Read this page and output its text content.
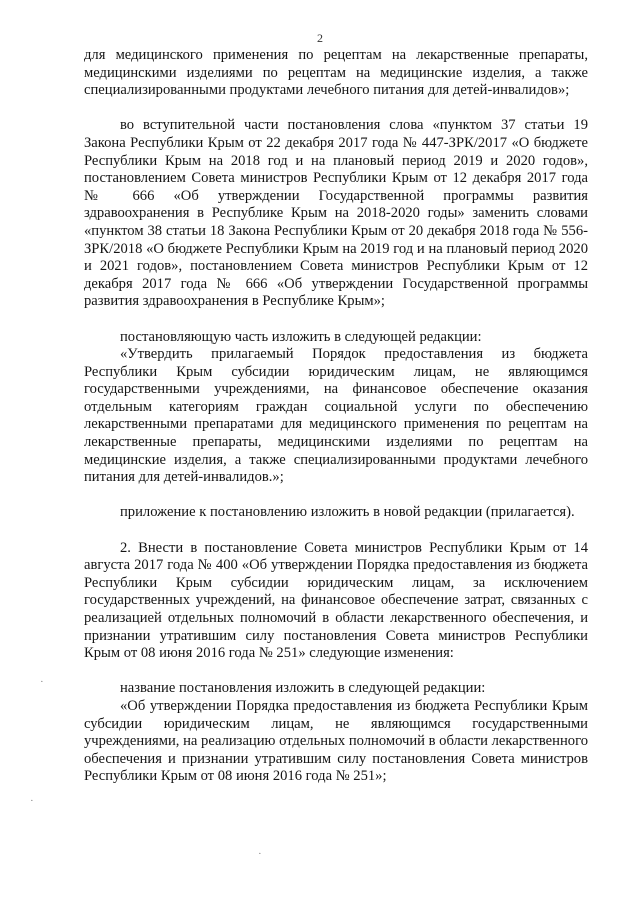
2

для медицинского применения по рецептам на лекарственные препараты, медицинскими изделиями по рецептам на медицинские изделия, а также специализированными продуктами лечебного питания для детей-инвалидов»;

во вступительной части постановления слова «пунктом 37 статьи 19 Закона Республики Крым от 22 декабря 2017 года № 447-ЗРК/2017 «О бюджете Республики Крым на 2018 год и на плановый период 2019 и 2020 годов», постановлением Совета министров Республики Крым от 12 декабря 2017 года № 666 «Об утверждении Государственной программы развития здравоохранения в Республике Крым на 2018-2020 годы» заменить словами «пунктом 38 статьи 18 Закона Республики Крым от 20 декабря 2018 года № 556-ЗРК/2018 «О бюджете Республики Крым на 2019 год и на плановый период 2020 и 2021 годов», постановлением Совета министров Республики Крым от 12 декабря 2017 года № 666 «Об утверждении Государственной программы развития здравоохранения в Республике Крым»;

постановляющую часть изложить в следующей редакции:

«Утвердить прилагаемый Порядок предоставления из бюджета Республики Крым субсидии юридическим лицам, не являющимся государственными учреждениями, на финансовое обеспечение оказания отдельным категориям граждан социальной услуги по обеспечению лекарственными препаратами для медицинского применения по рецептам на лекарственные препараты, медицинскими изделиями по рецептам на медицинские изделия, а также специализированными продуктами лечебного питания для детей-инвалидов.»;

приложение к постановлению изложить в новой редакции (прилагается).

2. Внести в постановление Совета министров Республики Крым от 14 августа 2017 года № 400 «Об утверждении Порядка предоставления из бюджета Республики Крым субсидии юридическим лицам, за исключением государственных учреждений, на финансовое обеспечение затрат, связанных с реализацией отдельных полномочий в области лекарственного обеспечения, и признании утратившим силу постановления Совета министров Республики Крым от 08 июня 2016 года № 251» следующие изменения:

название постановления изложить в следующей редакции:

«Об утверждении Порядка предоставления из бюджета Республики Крым субсидии юридическим лицам, не являющимся государственными учреждениями, на реализацию отдельных полномочий в области лекарственного обеспечения и признании утратившим силу постановления Совета министров Республики Крым от 08 июня 2016 года № 251»;

·
·
·
